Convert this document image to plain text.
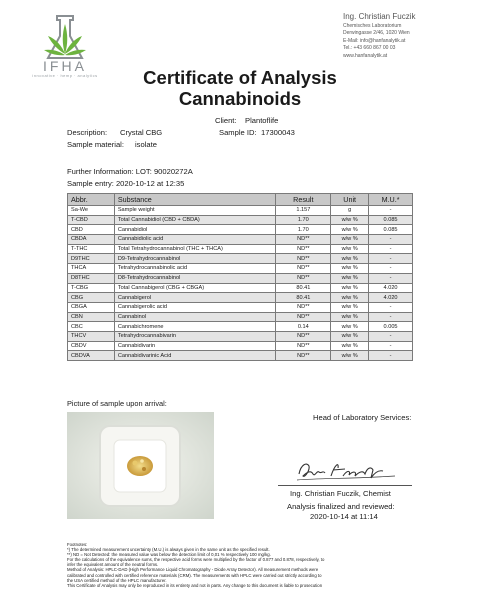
IFHA
innovative · hemp · analytics
Ing. Christian Fuczik
Chemisches Laboratorium
Derwingasse 2/46, 1020 Wien
E-Mail: info@hanfanalytik.at
Tel.: +43 660 867 00 03
www.hanfanalytik.at
Certificate of Analysis
Cannabinoids
Client: Plantoflife
Description: Crystal CBG	Sample ID: 17300043
Sample material: isolate
Further Information: LOT: 90020272A
Sample entry: 2020-10-12 at 12:35
Abbr.	Substance	Result	Unit	M.U.*
Sa-We	Sample weight	1.157	g	-
T-CBD	Total Cannabidiol (CBD + CBDA)	1.70	w/w %	0.085
CBD	Cannabidiol	1.70	w/w %	0.085
CBDA	Cannabidiolic acid	ND**	w/w %	-
T-THC	Total Tetrahydrocannabinol (THC + THCA)	ND**	w/w %	-
D9THC	D9-Tetrahydrocannabinol	ND**	w/w %	-
THCA	Tetrahydrocannabinolic acid	ND**	w/w %	-
D8THC	D8-Tetrahydrocannabinol	ND**	w/w %	-
T-CBG	Total Cannabigerol (CBG + CBGA)	80.41	w/w %	4.020
CBG	Cannabigerol	80.41	w/w %	4.020
CBGA	Cannabigerolic acid	ND**	w/w %	-
CBN	Cannabinol	ND**	w/w %	-
CBC	Cannabichromene	0.14	w/w %	0.005
THCV	Tetrahydrocannabivarin	ND**	w/w %	-
CBDV	Cannabidivarin	ND**	w/w %	-
CBDVA	Cannabidivarinic Acid	ND**	w/w %	-
Picture of sample upon arrival:
Head of Laboratory Services:
Ing. Christian Fuczik, Chemist
Analysis finalized and reviewed:
2020-10-14 at 11:14
Footnotes:
*) The determined measurement uncertainty (M.U.) is always given in the same unit as the specified result.
**) ND = Not Detected: the measured value was below the detection limit of 0,01 % respectively 100 mg/kg.
For the calculations of the equivalence sums, the respective acid forms were multiplied by the factor of 0.877 and 0.878, respectively, to
infer the equivalent amount of the neutral forms.
Method of Analysis: HPLC-DAD (High Performance Liquid Chromatography - Diode Array Detector). All measurement methods were
calibrated and controlled with certified reference materials (CRM). The measurements with HPLC were carried out strictly according to
the USA certified method of the HPLC manufacturer.
This Certificate of Analysis may only be reproduced in its entirety and not in parts. Any change to this document is liable to prosecution
